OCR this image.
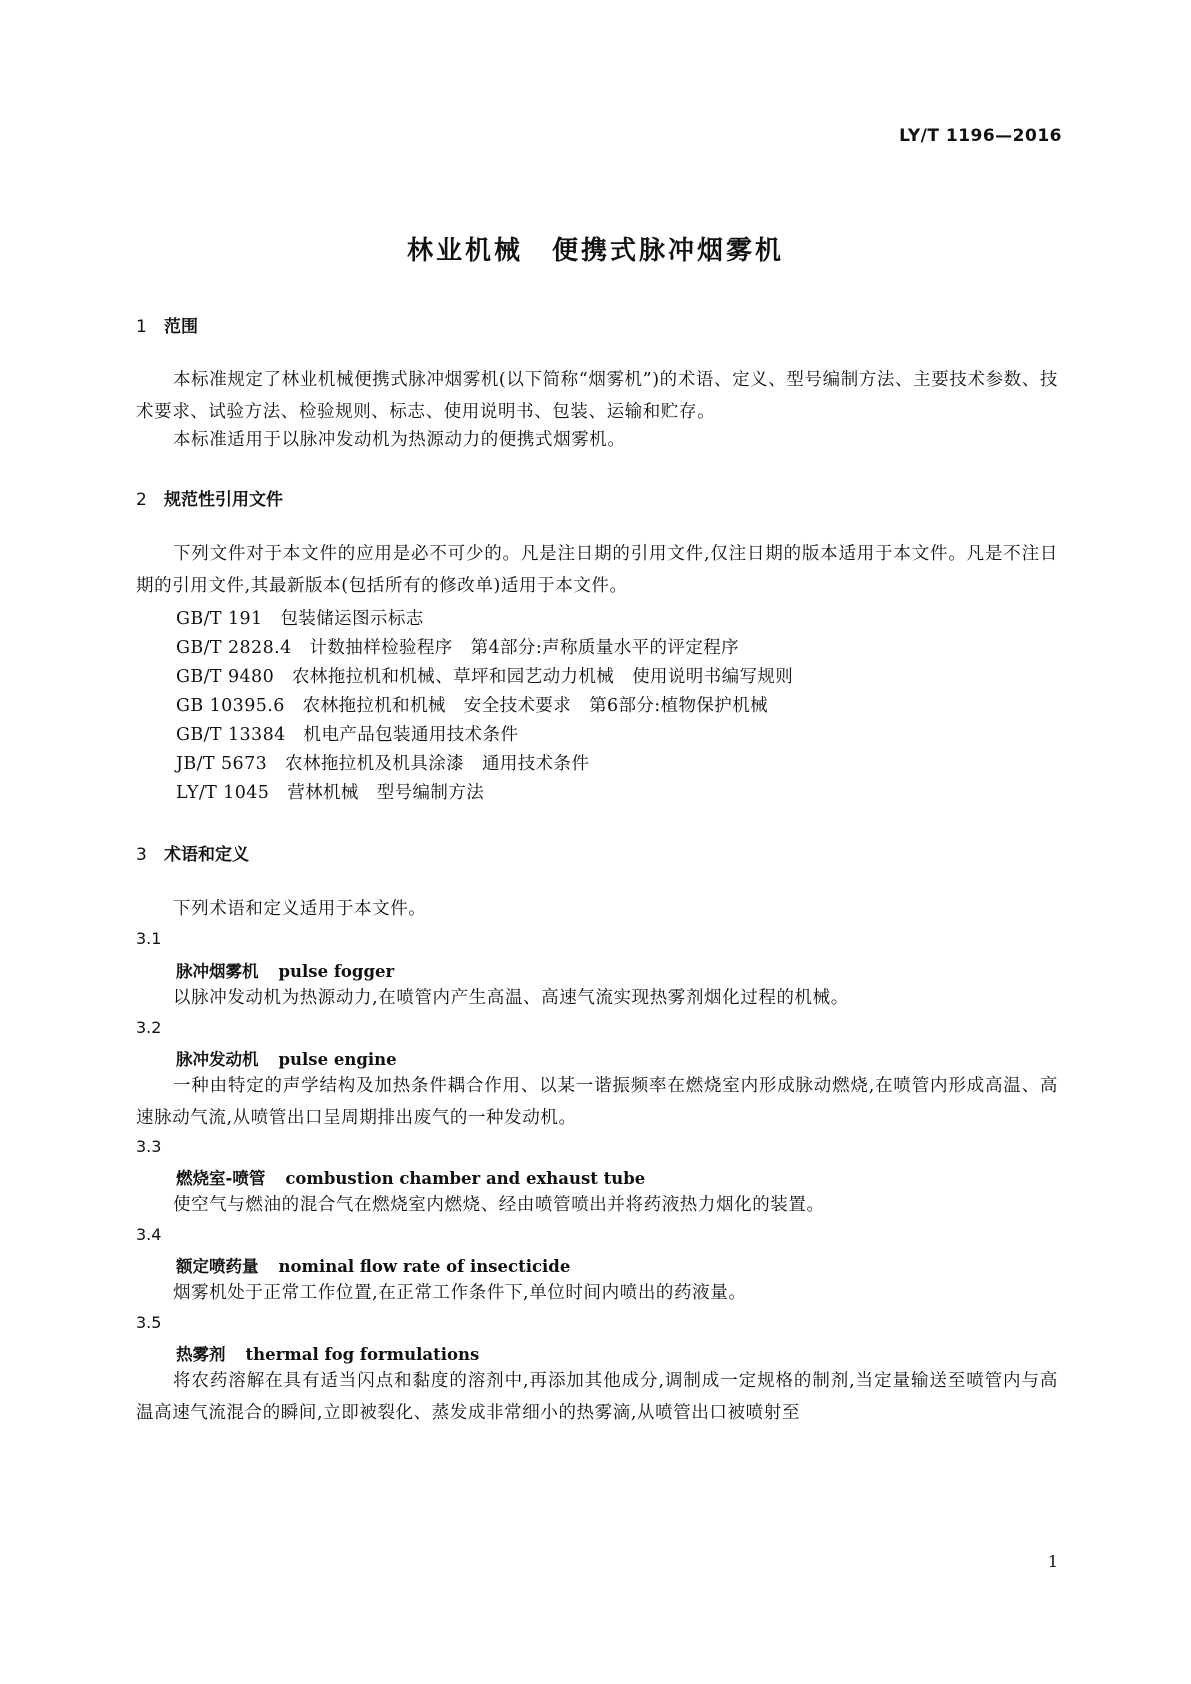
LY/T 1196—2016
林业机械　便携式脉冲烟雾机
1 范围
本标准规定了林业机械便携式脉冲烟雾机(以下简称“烟雾机”)的术语、定义、型号编制方法、主要技术参数、技术要求、试验方法、检验规则、标志、使用说明书、包装、运输和贮存。
本标准适用于以脉冲发动机为热源动力的便携式烟雾机。
2 规范性引用文件
下列文件对于本文件的应用是必不可少的。凡是注日期的引用文件,仅注日期的版本适用于本文件。凡是不注日期的引用文件,其最新版本(包括所有的修改单)适用于本文件。
GB/T 191　包装储运图示标志
GB/T 2828.4　计数抽样检验程序　第4部分:声称质量水平的评定程序
GB/T 9480　农林拖拉机和机械、草坪和园艺动力机械　使用说明书编写规则
GB 10395.6　农林拖拉机和机械　安全技术要求　第6部分:植物保护机械
GB/T 13384　机电产品包装通用技术条件
JB/T 5673　农林拖拉机及机具涂漆　通用技术条件
LY/T 1045　营林机械　型号编制方法
3 术语和定义
下列术语和定义适用于本文件。
3.1
脉冲烟雾机 pulse fogger
以脉冲发动机为热源动力,在喷管内产生高温、高速气流实现热雾剂烟化过程的机械。
3.2
脉冲发动机 pulse engine
一种由特定的声学结构及加热条件耦合作用、以某一谐振频率在燃烧室内形成脉动燃烧,在喷管内形成高温、高速脉动气流,从喷管出口呈周期排出废气的一种发动机。
3.3
燃烧室-喷管 combustion chamber and exhaust tube
使空气与燃油的混合气在燃烧室内燃烧、经由喷管喷出并将药液热力烟化的装置。
3.4
额定喷药量 nominal flow rate of insecticide
烟雾机处于正常工作位置,在正常工作条件下,单位时间内喷出的药液量。
3.5
热雾剂 thermal fog formulations
将农药溶解在具有适当闪点和黏度的溶剂中,再添加其他成分,调制成一定规格的制剂,当定量输送至喷管内与高温高速气流混合的瞬间,立即被裂化、蒸发成非常细小的热雾滴,从喷管出口被喷射至
1
